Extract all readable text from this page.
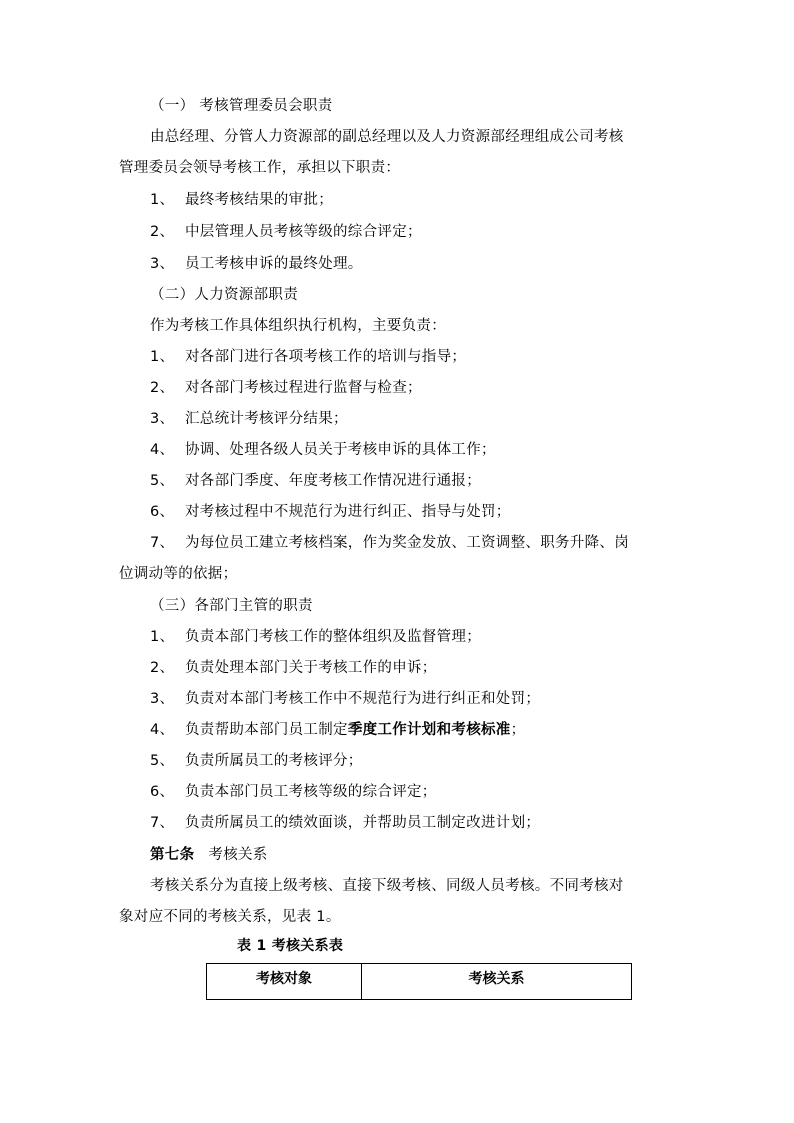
（一） 考核管理委员会职责
由总经理、分管人力资源部的副总经理以及人力资源部经理组成公司考核
管理委员会领导考核工作，承担以下职责：
1、 最终考核结果的审批；
2、 中层管理人员考核等级的综合评定；
3、 员工考核申诉的最终处理。
（二）人力资源部职责
作为考核工作具体组织执行机构，主要负责：
1、 对各部门进行各项考核工作的培训与指导；
2、 对各部门考核过程进行监督与检查；
3、 汇总统计考核评分结果；
4、 协调、处理各级人员关于考核申诉的具体工作；
5、 对各部门季度、年度考核工作情况进行通报；
6、 对考核过程中不规范行为进行纠正、指导与处罚；
7、 为每位员工建立考核档案，作为奖金发放、工资调整、职务升降、岗
位调动等的依据；
（三）各部门主管的职责
1、 负责本部门考核工作的整体组织及监督管理；
2、 负责处理本部门关于考核工作的申诉；
3、 负责对本部门考核工作中不规范行为进行纠正和处罚；
4、 负责帮助本部门员工制定季度工作计划和考核标准；
5、 负责所属员工的考核评分；
6、 负责本部门员工考核等级的综合评定；
7、 负责所属员工的绩效面谈，并帮助员工制定改进计划；
第七条 考核关系
考核关系分为直接上级考核、直接下级考核、同级人员考核。不同考核对
象对应不同的考核关系，见表 1。
表 1 考核关系表
考核对象	考核关系
